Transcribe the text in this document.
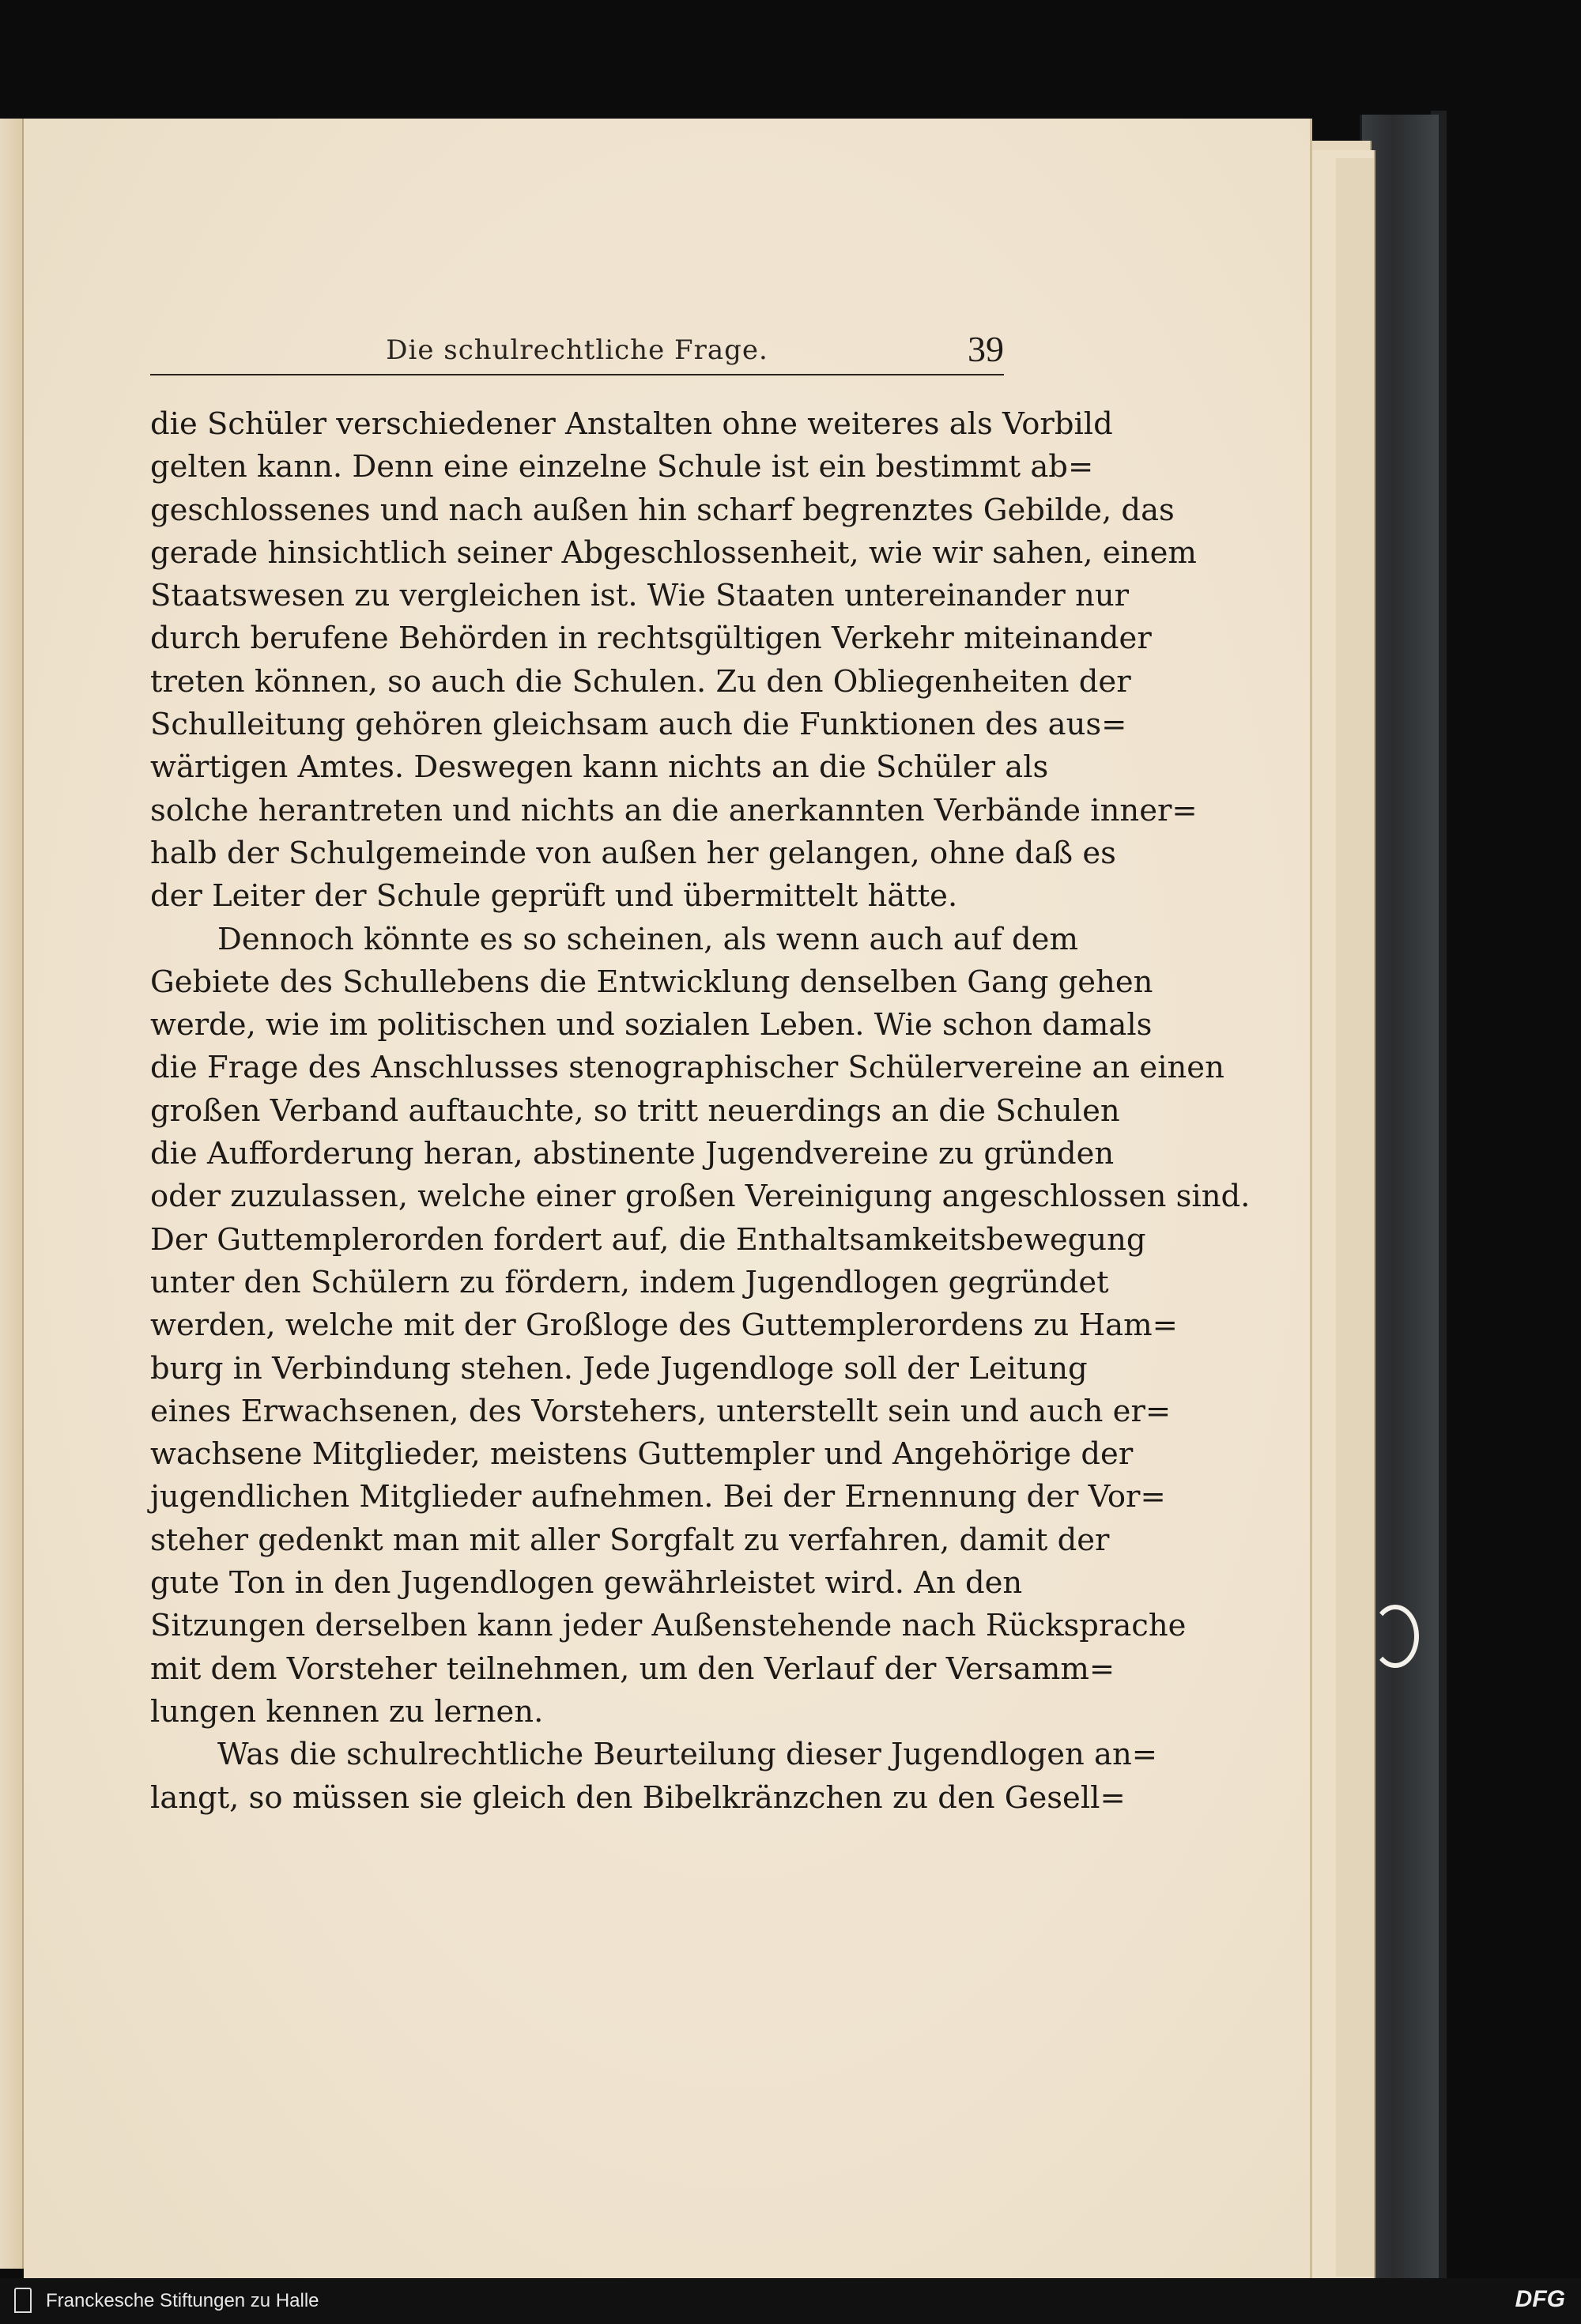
Die schulrechtliche Frage.	39
die Schüler verschiedener Anstalten ohne weiteres als Vorbild
gelten kann. Denn eine einzelne Schule ist ein bestimmt ab=
geschlossenes und nach außen hin scharf begrenztes Gebilde, das
gerade hinsichtlich seiner Abgeschlossenheit, wie wir sahen, einem
Staatswesen zu vergleichen ist. Wie Staaten untereinander nur
durch berufene Behörden in rechtsgültigen Verkehr miteinander
treten können, so auch die Schulen. Zu den Obliegenheiten der
Schulleitung gehören gleichsam auch die Funktionen des aus=
wärtigen Amtes. Deswegen kann nichts an die Schüler als
solche herantreten und nichts an die anerkannten Verbände inner=
halb der Schulgemeinde von außen her gelangen, ohne daß es
der Leiter der Schule geprüft und übermittelt hätte.
Dennoch könnte es so scheinen, als wenn auch auf dem
Gebiete des Schullebens die Entwicklung denselben Gang gehen
werde, wie im politischen und sozialen Leben. Wie schon damals
die Frage des Anschlusses stenographischer Schülervereine an einen
großen Verband auftauchte, so tritt neuerdings an die Schulen
die Aufforderung heran, abstinente Jugendvereine zu gründen
oder zuzulassen, welche einer großen Vereinigung angeschlossen sind.
Der Guttemplerorden fordert auf, die Enthaltsamkeitsbewegung
unter den Schülern zu fördern, indem Jugendlogen gegründet
werden, welche mit der Großloge des Guttemplerordens zu Ham=
burg in Verbindung stehen. Jede Jugendloge soll der Leitung
eines Erwachsenen, des Vorstehers, unterstellt sein und auch er=
wachsene Mitglieder, meistens Guttempler und Angehörige der
jugendlichen Mitglieder aufnehmen. Bei der Ernennung der Vor=
steher gedenkt man mit aller Sorgfalt zu verfahren, damit der
gute Ton in den Jugendlogen gewährleistet wird. An den
Sitzungen derselben kann jeder Außenstehende nach Rücksprache
mit dem Vorsteher teilnehmen, um den Verlauf der Versamm=
lungen kennen zu lernen.
Was die schulrechtliche Beurteilung dieser Jugendlogen an=
langt, so müssen sie gleich den Bibelkränzchen zu den Gesell=
Franckesche Stiftungen zu Halle	DFG
